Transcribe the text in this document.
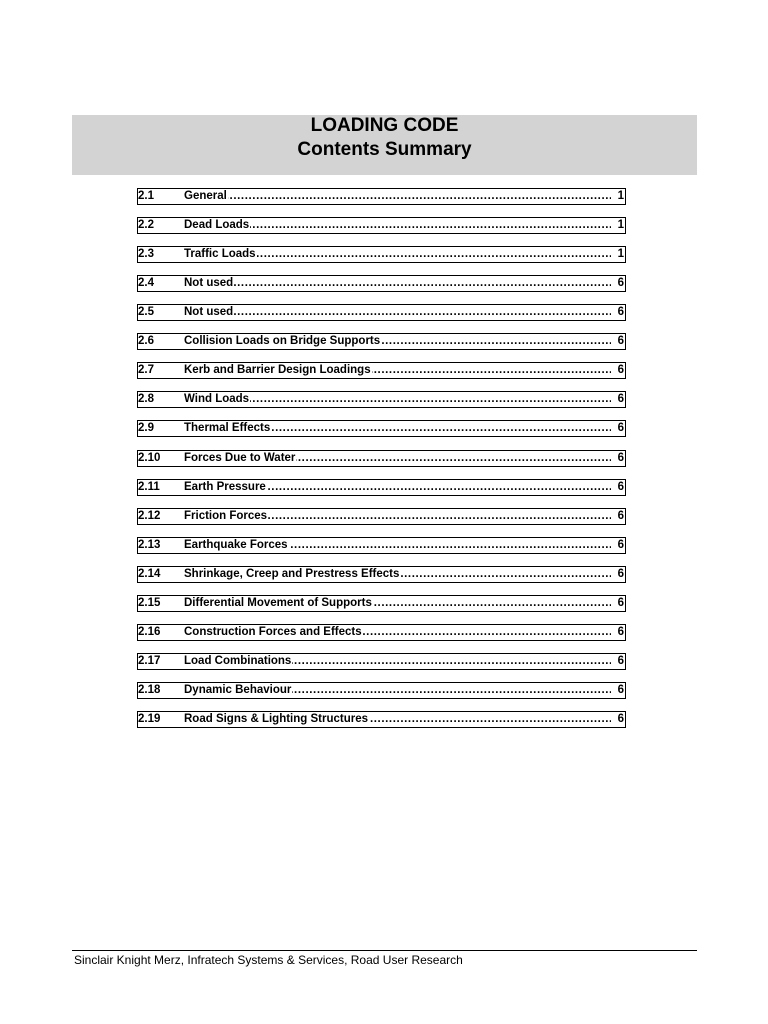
LOADING CODE
Contents Summary
2.1	General .....	1
2.2	Dead Loads .....	1
2.3	Traffic Loads .....	1
2.4	Not used .....	6
2.5	Not used .....	6
2.6	Collision Loads on Bridge Supports .....	6
2.7	Kerb and Barrier Design Loadings .....	6
2.8	Wind Loads .....	6
2.9	Thermal Effects .....	6
2.10	Forces Due to Water .....	6
2.11	Earth Pressure .....	6
2.12	Friction Forces .....	6
2.13	Earthquake Forces .....	6
2.14	Shrinkage, Creep and Prestress Effects .....	6
2.15	Differential Movement of Supports .....	6
2.16	Construction Forces and Effects .....	6
2.17	Load Combinations .....	6
2.18	Dynamic Behaviour .....	6
2.19	Road Signs & Lighting Structures .....	6
Sinclair Knight Merz, Infratech Systems & Services, Road User Research
